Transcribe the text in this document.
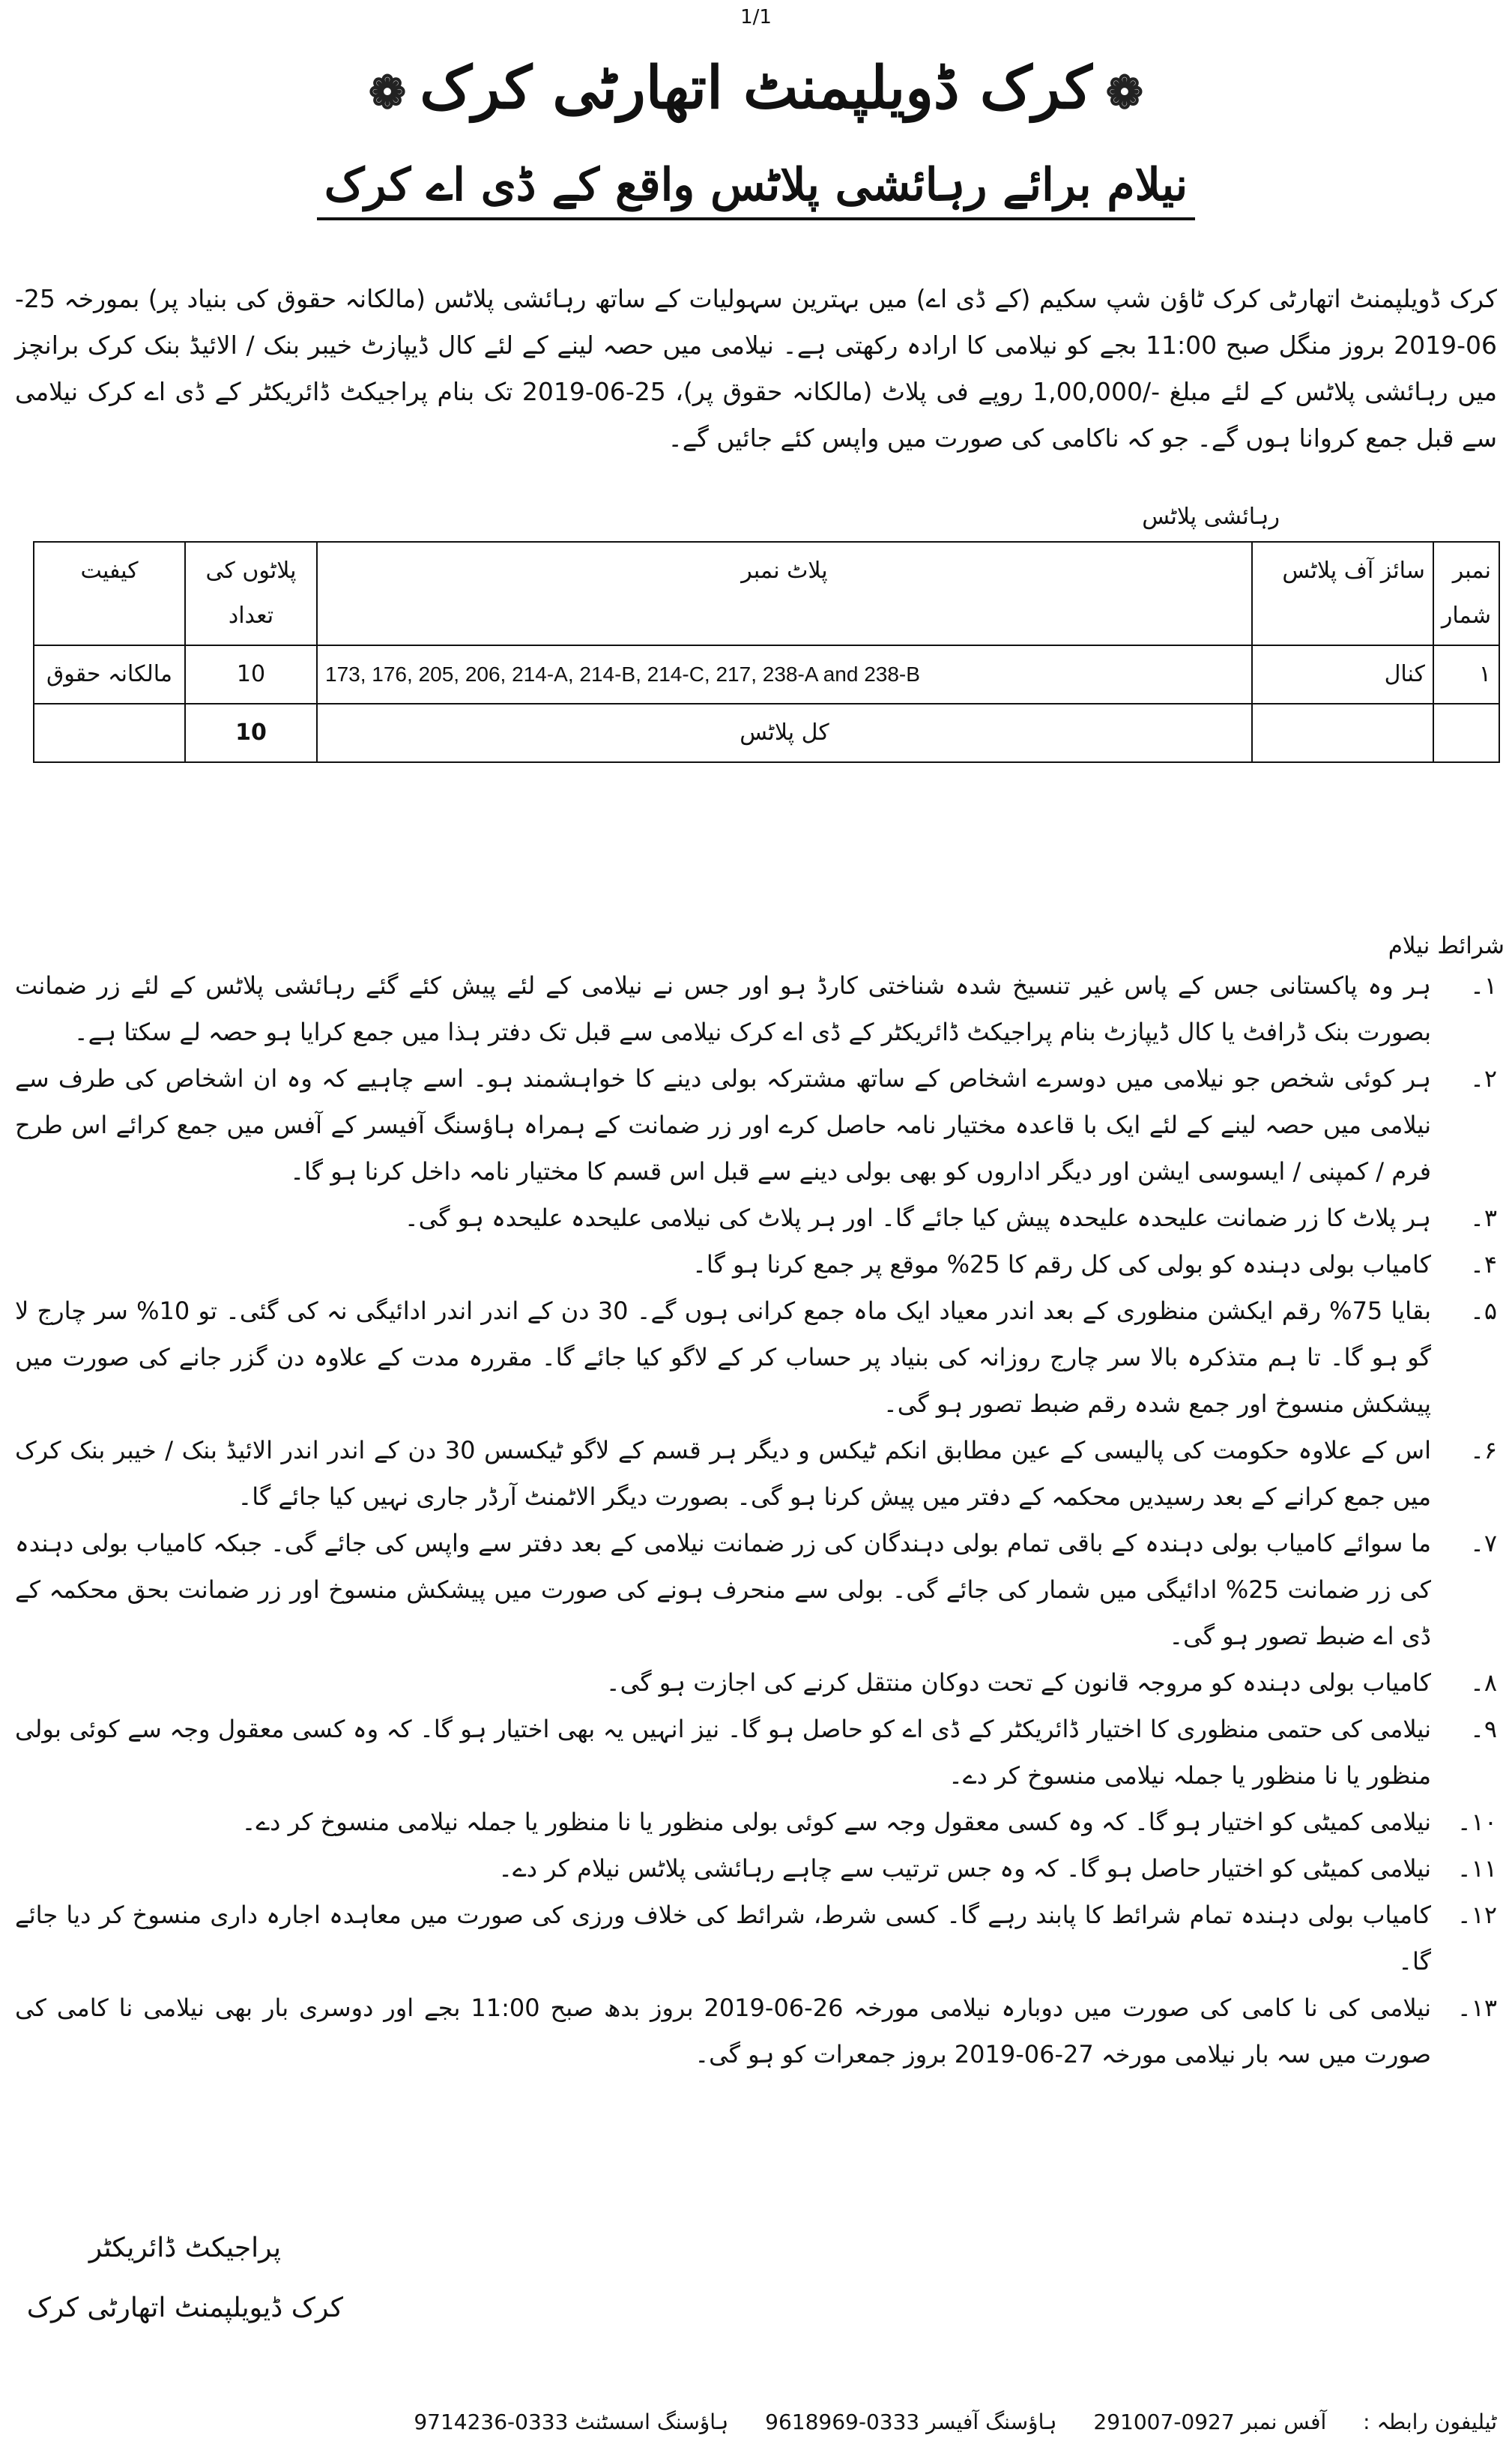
1/1
❁کرک ڈویلپمنٹ اتھارٹی کرک❁
نیلام برائے رہائشی پلاٹس واقع کے ڈی اے کرک
کرک ڈویلپمنٹ اتھارٹی کرک ٹاؤن شپ سکیم (کے ڈی اے) میں بہترین سہولیات کے ساتھ رہائشی پلاٹس (مالکانہ حقوق کی بنیاد پر) بمورخہ 25-06-2019 بروز منگل صبح 11:00 بجے کو نیلامی کا ارادہ رکھتی ہے۔ نیلامی میں حصہ لینے کے لئے کال ڈیپازٹ خیبر بنک / الائیڈ بنک کرک برانچز میں رہائشی پلاٹس کے لئے مبلغ -/1,00,000 روپے فی پلاٹ (مالکانہ حقوق پر)، 25-06-2019 تک بنام پراجیکٹ ڈائریکٹر کے ڈی اے کرک نیلامی سے قبل جمع کروانا ہوں گے۔ جو کہ ناکامی کی صورت میں واپس کئے جائیں گے۔
رہائشی پلاٹس
نمبر شمار	سائز آف پلاٹس	پلاٹ نمبر	پلاٹوں کی تعداد	کیفیت
۱	کنال	173, 176, 205, 206, 214-A, 214-B, 214-C, 217, 238-A and 238-B	10	مالکانہ حقوق
		کل پلاٹس	10	
شرائط نیلام
۱۔
ہر وہ پاکستانی جس کے پاس غیر تنسیخ شدہ شناختی کارڈ ہو اور جس نے نیلامی کے لئے پیش کئے گئے رہائشی پلاٹس کے لئے زر ضمانت بصورت بنک ڈرافٹ یا کال ڈیپازٹ بنام پراجیکٹ ڈائریکٹر کے ڈی اے کرک نیلامی سے قبل تک دفتر ہذا میں جمع کرایا ہو حصہ لے سکتا ہے۔
۲۔
ہر کوئی شخص جو نیلامی میں دوسرے اشخاص کے ساتھ مشترکہ بولی دینے کا خواہشمند ہو۔ اسے چاہیے کہ وہ ان اشخاص کی طرف سے نیلامی میں حصہ لینے کے لئے ایک با قاعدہ مختیار نامہ حاصل کرے اور زر ضمانت کے ہمراہ ہاؤسنگ آفیسر کے آفس میں جمع کرائے اس طرح فرم / کمپنی / ایسوسی ایشن اور دیگر اداروں کو بھی بولی دینے سے قبل اس قسم کا مختیار نامہ داخل کرنا ہو گا۔
۳۔
ہر پلاٹ کا زر ضمانت علیحدہ علیحدہ پیش کیا جائے گا۔ اور ہر پلاٹ کی نیلامی علیحدہ علیحدہ ہو گی۔
۴۔
کامیاب بولی دہندہ کو بولی کی کل رقم کا 25% موقع پر جمع کرنا ہو گا۔
۵۔
بقایا 75% رقم ایکشن منظوری کے بعد اندر معیاد ایک ماہ جمع کرانی ہوں گے۔ 30 دن کے اندر اندر ادائیگی نہ کی گئی۔ تو 10% سر چارج لا گو ہو گا۔ تا ہم متذکرہ بالا سر چارج روزانہ کی بنیاد پر حساب کر کے لاگو کیا جائے گا۔ مقررہ مدت کے علاوہ دن گزر جانے کی صورت میں پیشکش منسوخ اور جمع شدہ رقم ضبط تصور ہو گی۔
۶۔
اس کے علاوہ حکومت کی پالیسی کے عین مطابق انکم ٹیکس و دیگر ہر قسم کے لاگو ٹیکسس 30 دن کے اندر اندر الائیڈ بنک / خیبر بنک کرک میں جمع کرانے کے بعد رسیدیں محکمہ کے دفتر میں پیش کرنا ہو گی۔ بصورت دیگر الاٹمنٹ آرڈر جاری نہیں کیا جائے گا۔
۷۔
ما سوائے کامیاب بولی دہندہ کے باقی تمام بولی دہندگان کی زر ضمانت نیلامی کے بعد دفتر سے واپس کی جائے گی۔ جبکہ کامیاب بولی دہندہ کی زر ضمانت 25% ادائیگی میں شمار کی جائے گی۔ بولی سے منحرف ہونے کی صورت میں پیشکش منسوخ اور زر ضمانت بحق محکمہ کے ڈی اے ضبط تصور ہو گی۔
۸۔
کامیاب بولی دہندہ کو مروجہ قانون کے تحت دوکان منتقل کرنے کی اجازت ہو گی۔
۹۔
نیلامی کی حتمی منظوری کا اختیار ڈائریکٹر کے ڈی اے کو حاصل ہو گا۔ نیز انہیں یہ بھی اختیار ہو گا۔ کہ وہ کسی معقول وجہ سے کوئی بولی منظور یا نا منظور یا جملہ نیلامی منسوخ کر دے۔
۱۰۔
نیلامی کمیٹی کو اختیار ہو گا۔ کہ وہ کسی معقول وجہ سے کوئی بولی منظور یا نا منظور یا جملہ نیلامی منسوخ کر دے۔
۱۱۔
نیلامی کمیٹی کو اختیار حاصل ہو گا۔ کہ وہ جس ترتیب سے چاہے رہائشی پلاٹس نیلام کر دے۔
۱۲۔
کامیاب بولی دہندہ تمام شرائط کا پابند رہے گا۔ کسی شرط، شرائط کی خلاف ورزی کی صورت میں معاہدہ اجارہ داری منسوخ کر دیا جائے گا۔
۱۳۔
نیلامی کی نا کامی کی صورت میں دوبارہ نیلامی مورخہ 26-06-2019 بروز بدھ صبح 11:00 بجے اور دوسری بار بھی نیلامی نا کامی کی صورت میں سہ بار نیلامی مورخہ 27-06-2019 بروز جمعرات کو ہو گی۔
پراجیکٹ ڈائریکٹر
کرک ڈیویلپمنٹ اتھارٹی کرک
ٹیلیفون رابطہ : آفس نمبر 0927-291007 ہاؤسنگ آفیسر 0333-9618969 ہاؤسنگ اسسٹنٹ 0333-9714236
